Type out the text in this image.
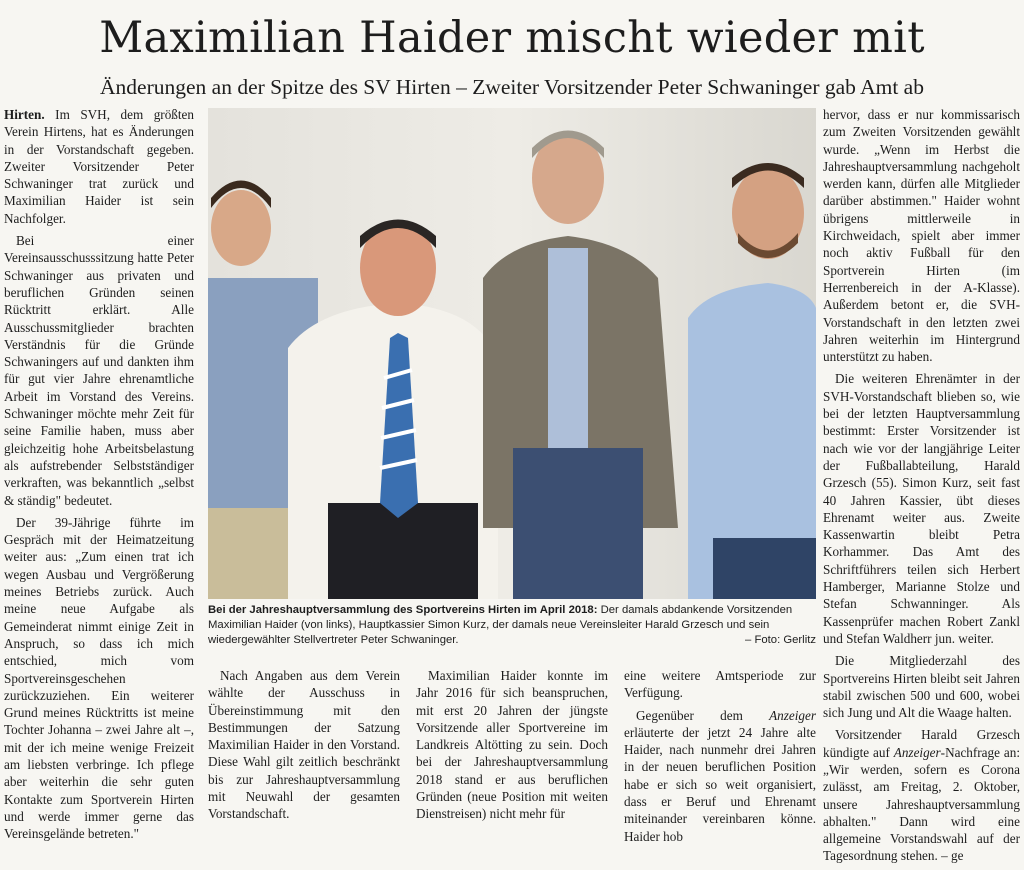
Maximilian Haider mischt wieder mit
Änderungen an der Spitze des SV Hirten – Zweiter Vorsitzender Peter Schwaninger gab Amt ab

Hirten. Im SVH, dem größten Verein Hirtens, hat es Änderungen in der Vorstandschaft gegeben. Zweiter Vorsitzender Peter Schwaninger trat zurück und Maximilian Haider ist sein Nachfolger.

Bei einer Vereinsausschusssitzung hatte Peter Schwaninger aus privaten und beruflichen Gründen seinen Rücktritt erklärt. Alle Ausschussmitglieder brachten Verständnis für die Gründe Schwaningers auf und dankten ihm für gut vier Jahre ehrenamtliche Arbeit im Vorstand des Vereins. Schwaninger möchte mehr Zeit für seine Familie haben, muss aber gleichzeitig hohe Arbeitsbelastung als aufstrebender Selbstständiger verkraften, was bekanntlich „selbst & ständig" bedeutet.

Der 39-Jährige führte im Gespräch mit der Heimatzeitung weiter aus: „Zum einen trat ich wegen Ausbau und Vergrößerung meines Betriebs zurück. Auch meine neue Aufgabe als Gemeinderat nimmt einige Zeit in Anspruch, so dass ich mich entschied, mich vom Sportvereinsgeschehen zurückzuziehen. Ein weiterer Grund meines Rücktritts ist meine Tochter Johanna – zwei Jahre alt –, mit der ich meine wenige Freizeit am liebsten verbringe. Ich pflege aber weiterhin die sehr guten Kontakte zum Sportverein Hirten und werde immer gerne das Vereinsgelände betreten."

Bei der Jahreshauptversammlung des Sportvereins Hirten im April 2018: Der damals abdankende Vorsitzenden Maximilian Haider (von links), Hauptkassier Simon Kurz, der damals neue Vereinsleiter Harald Grzesch und sein wiedergewählter Stellvertreter Peter Schwaninger.	– Foto: Gerlitz

Nach Angaben aus dem Verein wählte der Ausschuss in Übereinstimmung mit den Bestimmungen der Satzung Maximilian Haider in den Vorstand. Diese Wahl gilt zeitlich beschränkt bis zur Jahreshauptversammlung mit Neuwahl der gesamten Vorstandschaft.

Maximilian Haider konnte im Jahr 2016 für sich beanspruchen, mit erst 20 Jahren der jüngste Vorsitzende aller Sportvereine im Landkreis Altötting zu sein. Doch bei der Jahreshauptversammlung 2018 stand er aus beruflichen Gründen (neue Position mit weiten Dienstreisen) nicht mehr für

eine weitere Amtsperiode zur Verfügung.

Gegenüber dem Anzeiger erläuterte der jetzt 24 Jahre alte Haider, nach nunmehr drei Jahren in der neuen beruflichen Position habe er sich so weit organisiert, dass er Beruf und Ehrenamt miteinander vereinbaren könne. Haider hob

hervor, dass er nur kommissarisch zum Zweiten Vorsitzenden gewählt wurde. „Wenn im Herbst die Jahreshauptversammlung nachgeholt werden kann, dürfen alle Mitglieder darüber abstimmen." Haider wohnt übrigens mittlerweile in Kirchweidach, spielt aber immer noch aktiv Fußball für den Sportverein Hirten (im Herrenbereich in der A-Klasse). Außerdem betont er, die SVH-Vorstandschaft in den letzten zwei Jahren weiterhin im Hintergrund unterstützt zu haben.

Die weiteren Ehrenämter in der SVH-Vorstandschaft blieben so, wie bei der letzten Hauptversammlung bestimmt: Erster Vorsitzender ist nach wie vor der langjährige Leiter der Fußballabteilung, Harald Grzesch (55). Simon Kurz, seit fast 40 Jahren Kassier, übt dieses Ehrenamt weiter aus. Zweite Kassenwartin bleibt Petra Korhammer. Das Amt des Schriftführers teilen sich Herbert Hamberger, Marianne Stolze und Stefan Schwanninger. Als Kassenprüfer machen Robert Zankl und Stefan Waldherr jun. weiter.

Die Mitgliederzahl des Sportvereins Hirten bleibt seit Jahren stabil zwischen 500 und 600, wobei sich Jung und Alt die Waage halten.

Vorsitzender Harald Grzesch kündigte auf Anzeiger-Nachfrage an: „Wir werden, sofern es Corona zulässt, am Freitag, 2. Oktober, unsere Jahreshauptversammlung abhalten." Dann wird eine allgemeine Vorstandswahl auf der Tagesordnung stehen. – ge
